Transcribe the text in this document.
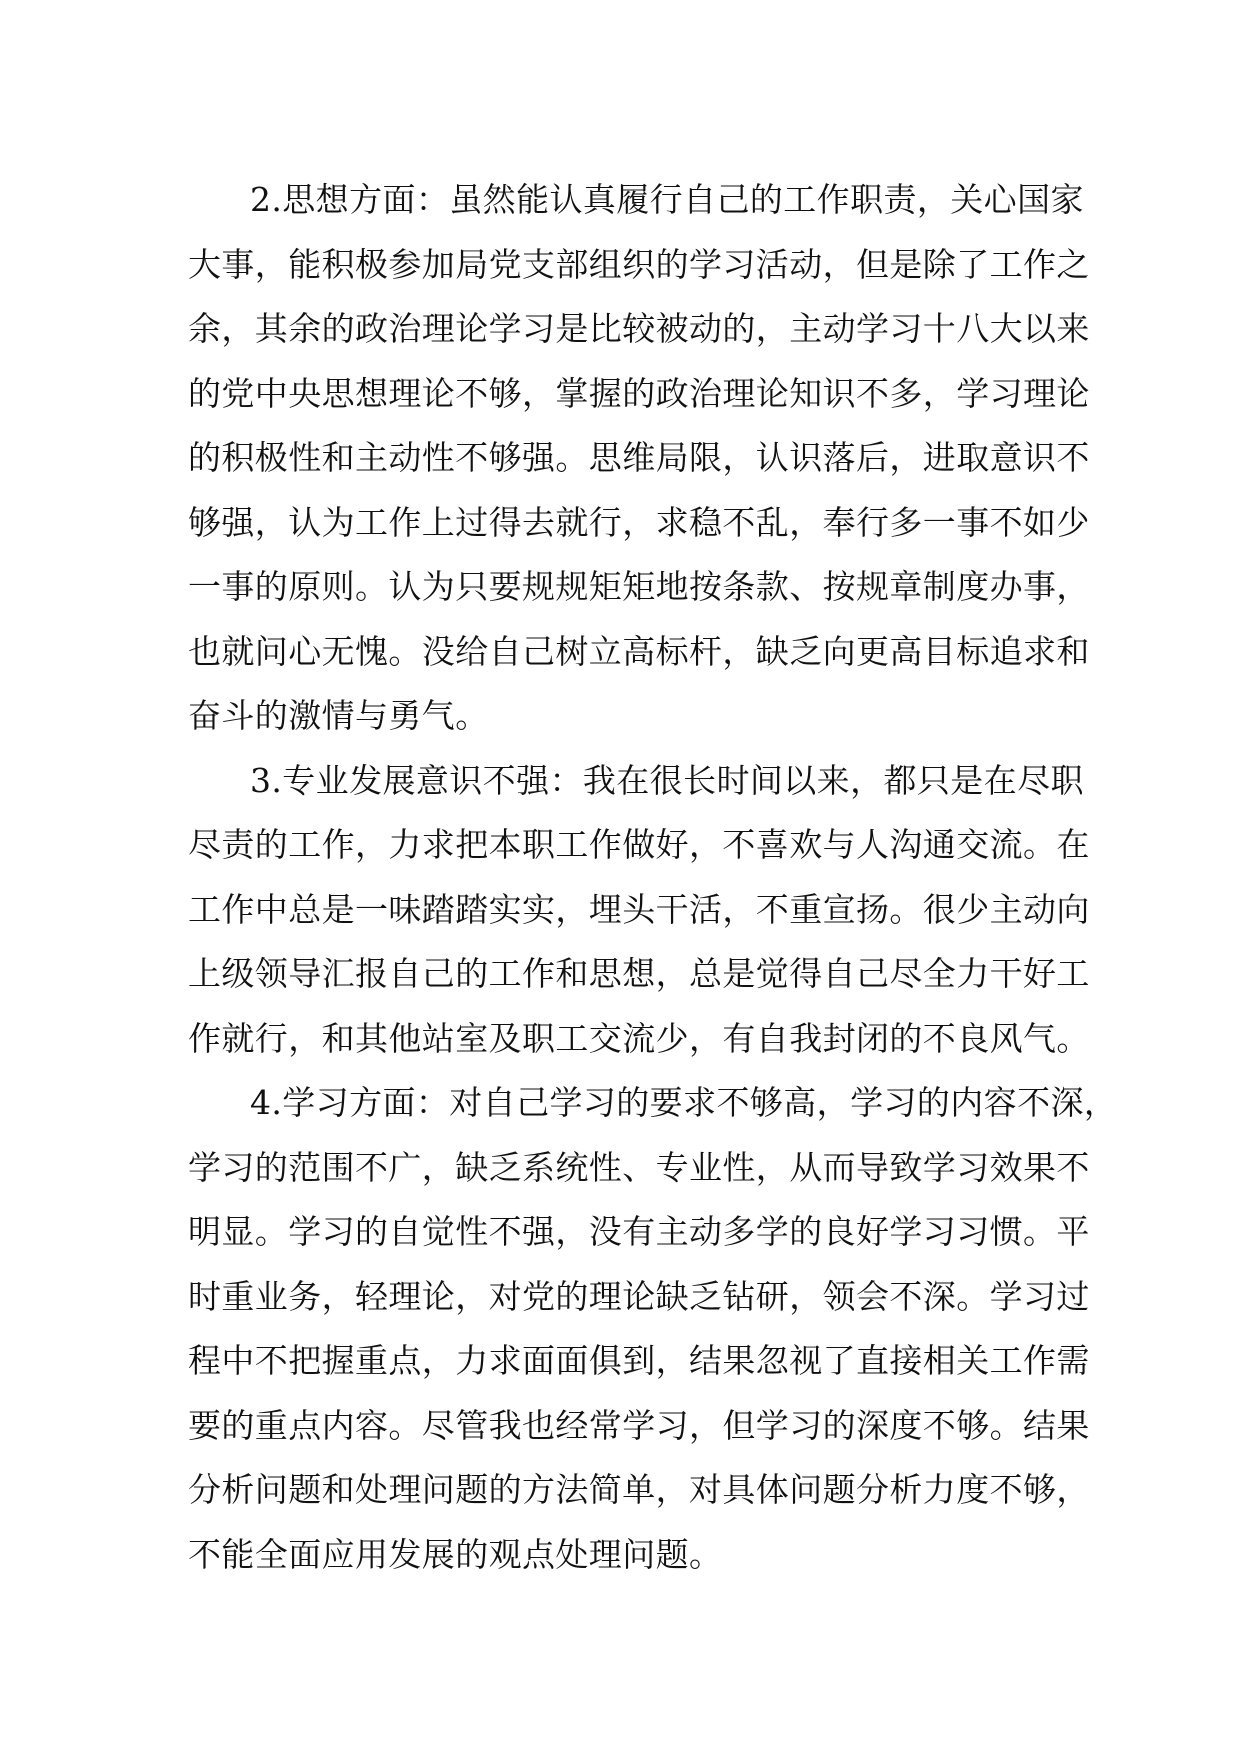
2.思想方面：虽然能认真履行自己的工作职责，关心国家
大事，能积极参加局党支部组织的学习活动，但是除了工作之
余，其余的政治理论学习是比较被动的，主动学习十八大以来
的党中央思想理论不够，掌握的政治理论知识不多，学习理论
的积极性和主动性不够强。思维局限，认识落后，进取意识不
够强，认为工作上过得去就行，求稳不乱，奉行多一事不如少
一事的原则。认为只要规规矩矩地按条款、按规章制度办事，
也就问心无愧。没给自己树立高标杆，缺乏向更高目标追求和
奋斗的激情与勇气。

3.专业发展意识不强：我在很长时间以来，都只是在尽职
尽责的工作，力求把本职工作做好，不喜欢与人沟通交流。在
工作中总是一味踏踏实实，埋头干活，不重宣扬。很少主动向
上级领导汇报自己的工作和思想，总是觉得自己尽全力干好工
作就行，和其他站室及职工交流少，有自我封闭的不良风气。

4.学习方面：对自己学习的要求不够高，学习的内容不深，
学习的范围不广，缺乏系统性、专业性，从而导致学习效果不
明显。学习的自觉性不强，没有主动多学的良好学习习惯。平
时重业务，轻理论，对党的理论缺乏钻研，领会不深。学习过
程中不把握重点，力求面面俱到，结果忽视了直接相关工作需
要的重点内容。尽管我也经常学习，但学习的深度不够。结果
分析问题和处理问题的方法简单，对具体问题分析力度不够，
不能全面应用发展的观点处理问题。
